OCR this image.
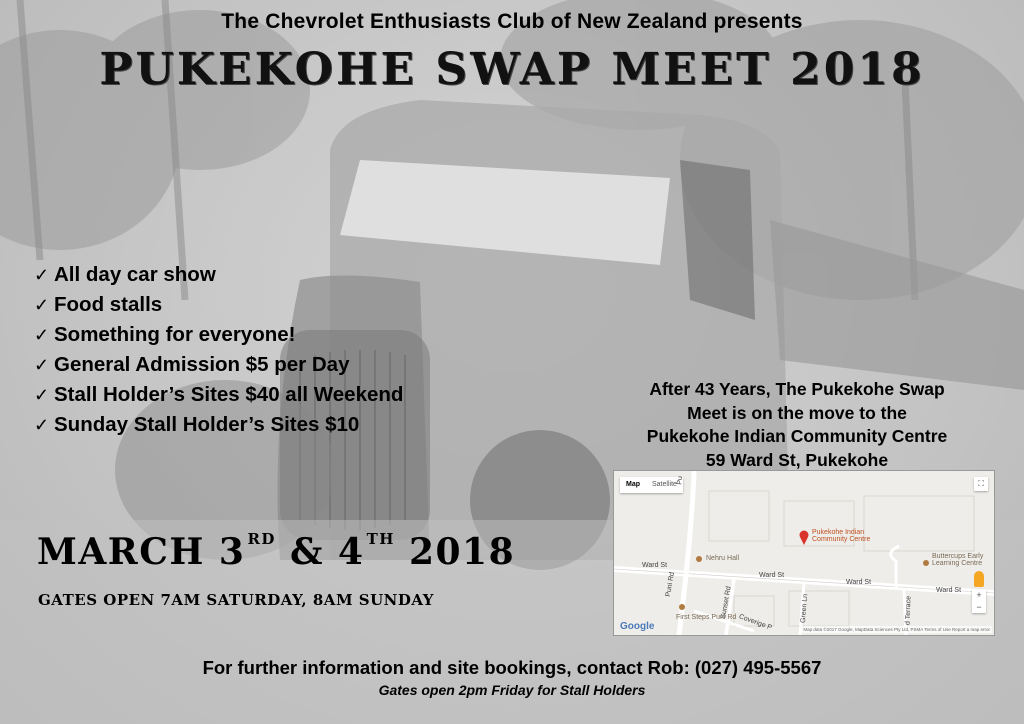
The Chevrolet Enthusiasts Club of New Zealand presents
PUKEKOHE SWAP MEET 2018
✓ All day car show
✓ Food stalls
✓ Something for everyone!
✓ General Admission $5 per Day
✓ Stall Holder’s Sites $40 all Weekend
✓ Sunday Stall Holder’s Sites $10
After 43 Years, The Pukekohe Swap
Meet is on the move to the
Pukekohe Indian Community Centre
59 Ward St, Pukekohe
Map	Satellite	⛶
Pukekohe Indian
Community Centre
Nehru Hall	Buttercups Early
Learning Centre
First Steps Puni Rd
Ward St
Ward St
Ward St
Ward St
Puni Rd
Sunset Rd	Green Ln	d Terrace
Coverige P
Pu
+
−
Google	Map data ©2017 Google, MapData Sciences Pty Ltd, PSMA Terms of Use Report a map error
MARCH 3 $^{RD}$ & 4 $^{TH}$ 2018
GATES OPEN 7AM SATURDAY, 8AM SUNDAY
For further information and site bookings, contact Rob: (027) 495-5567
Gates open 2pm Friday for Stall Holders
